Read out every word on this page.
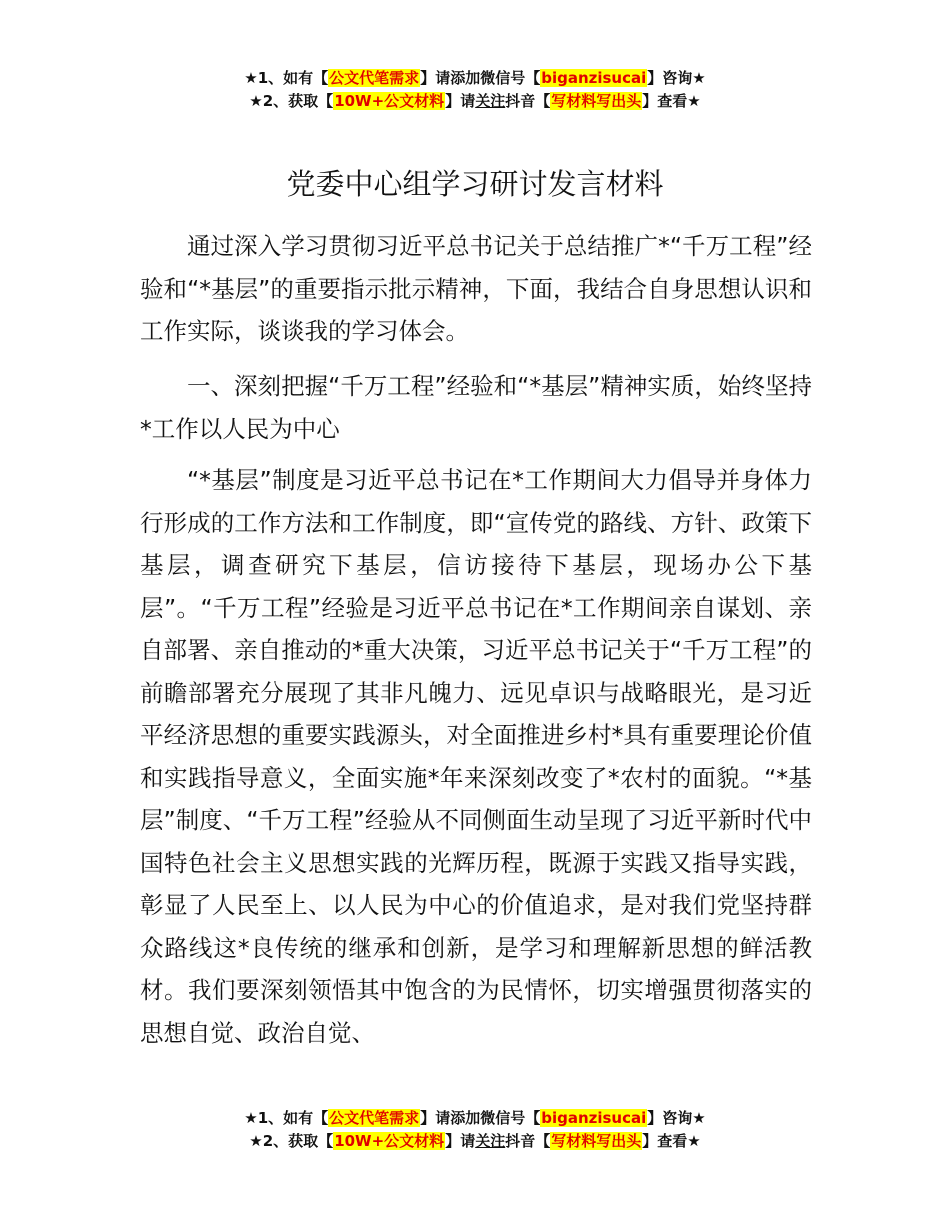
★1、如有【公文代笔需求】请添加微信号【biganzisucai】咨询★
★2、获取【10W+公文材料】请关注抖音【写材料写出头】查看★
党委中心组学习研讨发言材料

通过深入学习贯彻习近平总书记关于总结推广*“千万工程”经验和“*基层”的重要指示批示精神，下面，我结合自身思想认识和工作实际，谈谈我的学习体会。

一、深刻把握“千万工程”经验和“*基层”精神实质，始终坚持*工作以人民为中心

“*基层”制度是习近平总书记在*工作期间大力倡导并身体力行形成的工作方法和工作制度，即“宣传党的路线、方针、政策下基层，调查研究下基层，信访接待下基层，现场办公下基层”。“千万工程”经验是习近平总书记在*工作期间亲自谋划、亲自部署、亲自推动的*重大决策，习近平总书记关于“千万工程”的前瞻部署充分展现了其非凡魄力、远见卓识与战略眼光，是习近平经济思想的重要实践源头，对全面推进乡村*具有重要理论价值和实践指导意义，全面实施*年来深刻改变了*农村的面貌。“*基层”制度、“千万工程”经验从不同侧面生动呈现了习近平新时代中国特色社会主义思想实践的光辉历程，既源于实践又指导实践，彰显了人民至上、以人民为中心的价值追求，是对我们党坚持群众路线这*良传统的继承和创新，是学习和理解新思想的鲜活教材。我们要深刻领悟其中饱含的为民情怀，切实增强贯彻落实的思想自觉、政治自觉、

★1、如有【公文代笔需求】请添加微信号【biganzisucai】咨询★
★2、获取【10W+公文材料】请关注抖音【写材料写出头】查看★
